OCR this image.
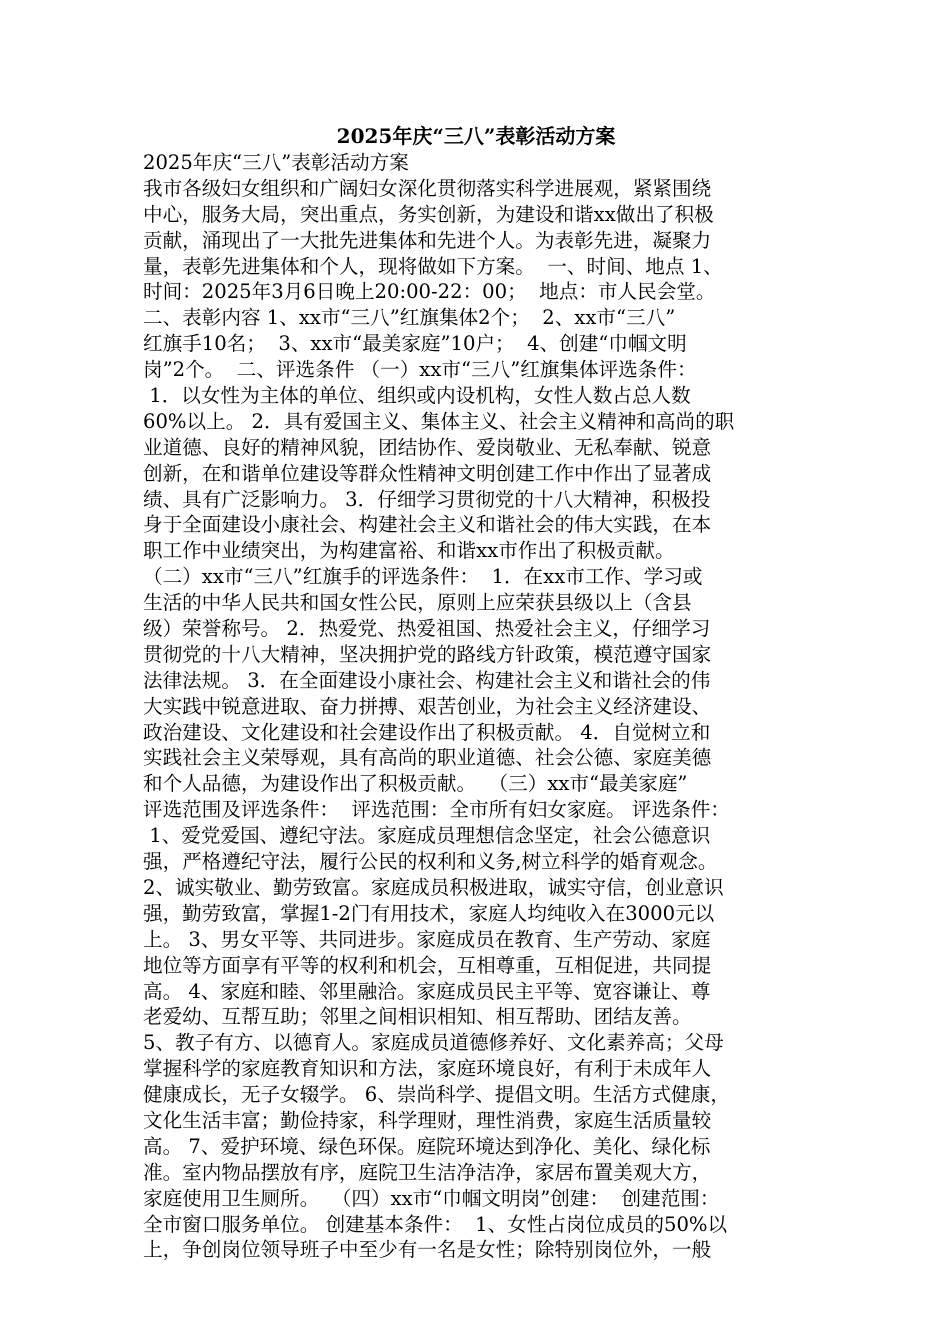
2025年庆“三八”表彰活动方案
2025年庆“三八”表彰活动方案
我市各级妇女组织和广阔妇女深化贯彻落实科学进展观，紧紧围绕
中心，服务大局，突出重点，务实创新，为建设和谐xx做出了积极
贡献，涌现出了一大批先进集体和先进个人。为表彰先进，凝聚力
量，表彰先进集体和个人，现将做如下方案。  一、时间、地点 1、
时间：2025年3月6日晚上20:00-22：00；  地点：市人民会堂。
二、表彰内容 1、xx市“三八”红旗集体2个；  2、xx市“三八”
红旗手10名；  3、xx市“最美家庭”10户；  4、创建“巾帼文明
岗”2个。  二、评选条件 （一）xx市“三八”红旗集体评选条件：
1．以女性为主体的单位、组织或内设机构，女性人数占总人数
60%以上。 2．具有爱国主义、集体主义、社会主义精神和高尚的职
业道德、良好的精神风貌，团结协作、爱岗敬业、无私奉献、锐意
创新，在和谐单位建设等群众性精神文明创建工作中作出了显著成
绩、具有广泛影响力。 3．仔细学习贯彻党的十八大精神，积极投
身于全面建设小康社会、构建社会主义和谐社会的伟大实践，在本
职工作中业绩突出，为构建富裕、和谐xx市作出了积极贡献。
（二）xx市“三八”红旗手的评选条件：  1．在xx市工作、学习或
生活的中华人民共和国女性公民，原则上应荣获县级以上（含县
级）荣誉称号。 2．热爱党、热爱祖国、热爱社会主义，仔细学习
贯彻党的十八大精神，坚决拥护党的路线方针政策，模范遵守国家
法律法规。 3．在全面建设小康社会、构建社会主义和谐社会的伟
大实践中锐意进取、奋力拼搏、艰苦创业，为社会主义经济建设、
政治建设、文化建设和社会建设作出了积极贡献。 4．自觉树立和
实践社会主义荣辱观，具有高尚的职业道德、社会公德、家庭美德
和个人品德，为建设作出了积极贡献。  （三）xx市“最美家庭”
评选范围及评选条件：  评选范围：全市所有妇女家庭。 评选条件：
1、爱党爱国、遵纪守法。家庭成员理想信念坚定，社会公德意识
强，严格遵纪守法，履行公民的权利和义务,树立科学的婚育观念。
2、诚实敬业、勤劳致富。家庭成员积极进取，诚实守信，创业意识
强，勤劳致富，掌握1-2门有用技术，家庭人均纯收入在3000元以
上。 3、男女平等、共同进步。家庭成员在教育、生产劳动、家庭
地位等方面享有平等的权利和机会，互相尊重，互相促进，共同提
高。 4、家庭和睦、邻里融洽。家庭成员民主平等、宽容谦让、尊
老爱幼、互帮互助；邻里之间相识相知、相互帮助、团结友善。
5、教子有方、以德育人。家庭成员道德修养好、文化素养高；父母
掌握科学的家庭教育知识和方法，家庭环境良好，有利于未成年人
健康成长，无子女辍学。 6、崇尚科学、提倡文明。生活方式健康，
文化生活丰富；勤俭持家，科学理财，理性消费，家庭生活质量较
高。 7、爱护环境、绿色环保。庭院环境达到净化、美化、绿化标
准。室内物品摆放有序，庭院卫生洁净洁净，家居布置美观大方，
家庭使用卫生厕所。  （四）xx市“巾帼文明岗”创建：  创建范围：
全市窗口服务单位。 创建基本条件：  1、女性占岗位成员的50%以
上，争创岗位领导班子中至少有一名是女性；除特别岗位外，一般
